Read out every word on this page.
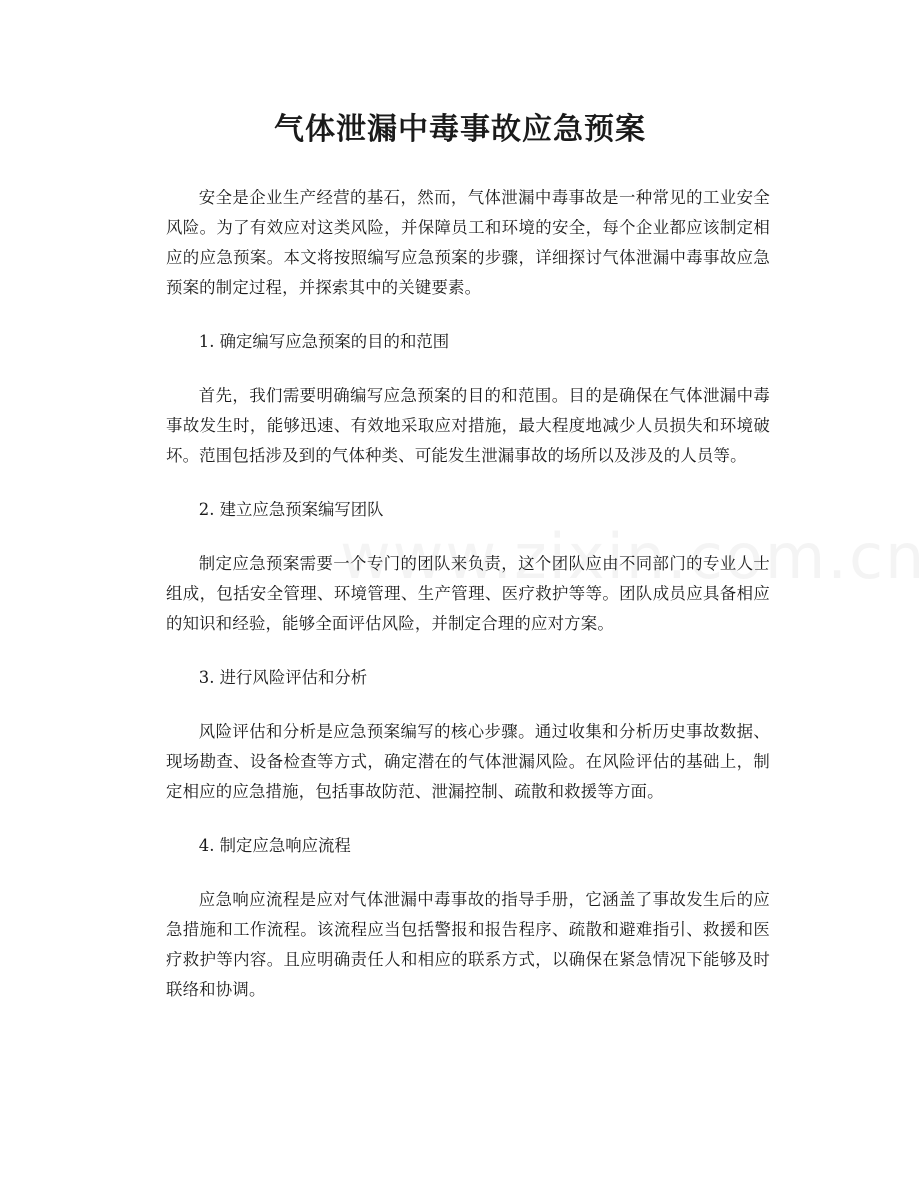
气体泄漏中毒事故应急预案

安全是企业生产经营的基石，然而，气体泄漏中毒事故是一种常见的工业安全风险。为了有效应对这类风险，并保障员工和环境的安全，每个企业都应该制定相应的应急预案。本文将按照编写应急预案的步骤，详细探讨气体泄漏中毒事故应急预案的制定过程，并探索其中的关键要素。

1. 确定编写应急预案的目的和范围

首先，我们需要明确编写应急预案的目的和范围。目的是确保在气体泄漏中毒事故发生时，能够迅速、有效地采取应对措施，最大程度地减少人员损失和环境破坏。范围包括涉及到的气体种类、可能发生泄漏事故的场所以及涉及的人员等。

2. 建立应急预案编写团队

制定应急预案需要一个专门的团队来负责，这个团队应由不同部门的专业人士组成，包括安全管理、环境管理、生产管理、医疗救护等等。团队成员应具备相应的知识和经验，能够全面评估风险，并制定合理的应对方案。

3. 进行风险评估和分析

风险评估和分析是应急预案编写的核心步骤。通过收集和分析历史事故数据、现场勘查、设备检查等方式，确定潜在的气体泄漏风险。在风险评估的基础上，制定相应的应急措施，包括事故防范、泄漏控制、疏散和救援等方面。

4. 制定应急响应流程

应急响应流程是应对气体泄漏中毒事故的指导手册，它涵盖了事故发生后的应急措施和工作流程。该流程应当包括警报和报告程序、疏散和避难指引、救援和医疗救护等内容。且应明确责任人和相应的联系方式，以确保在紧急情况下能够及时联络和协调。
